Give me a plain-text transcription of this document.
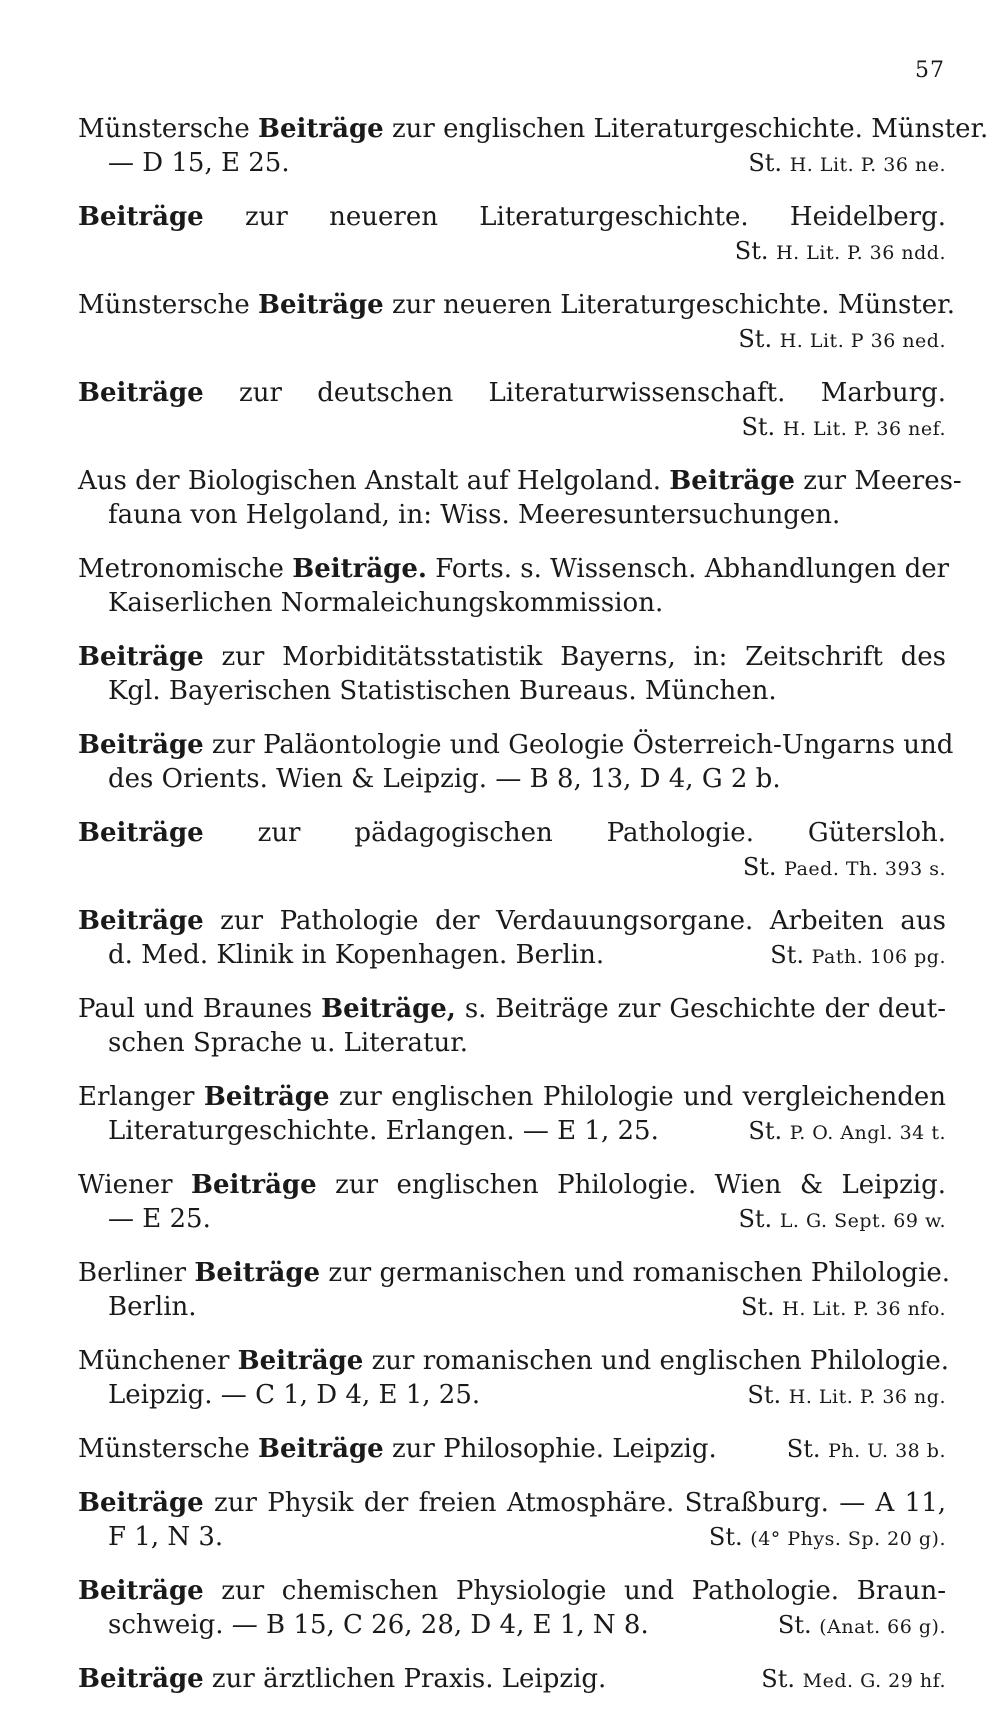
57
Münstersche Beiträge zur englischen Literaturgeschichte. Münster.
— D 15, E 25.	St. H. Lit. P. 36 ne.
Beiträge zur neueren Literaturgeschichte. Heidelberg.
St. H. Lit. P. 36 ndd.
Münstersche Beiträge zur neueren Literaturgeschichte. Münster.
St. H. Lit. P 36 ned.
Beiträge zur deutschen Literaturwissenschaft. Marburg.
St. H. Lit. P. 36 nef.
Aus der Biologischen Anstalt auf Helgoland. Beiträge zur Meeres-
fauna von Helgoland, in: Wiss. Meeresuntersuchungen.
Metronomische Beiträge. Forts. s. Wissensch. Abhandlungen der
Kaiserlichen Normaleichungskommission.
Beiträge zur Morbiditätsstatistik Bayerns, in: Zeitschrift des
Kgl. Bayerischen Statistischen Bureaus. München.
Beiträge zur Paläontologie und Geologie Österreich-Ungarns und
des Orients. Wien & Leipzig. — B 8, 13, D 4, G 2 b.
Beiträge zur pädagogischen Pathologie. Gütersloh.
St. Paed. Th. 393 s.
Beiträge zur Pathologie der Verdauungsorgane. Arbeiten aus
d. Med. Klinik in Kopenhagen. Berlin.	St. Path. 106 pg.
Paul und Braunes Beiträge, s. Beiträge zur Geschichte der deut-
schen Sprache u. Literatur.
Erlanger Beiträge zur englischen Philologie und vergleichenden
Literaturgeschichte. Erlangen. — E 1, 25.	St. P. O. Angl. 34 t.
Wiener Beiträge zur englischen Philologie. Wien & Leipzig.
— E 25.	St. L. G. Sept. 69 w.
Berliner Beiträge zur germanischen und romanischen Philologie.
Berlin.	St. H. Lit. P. 36 nfo.
Münchener Beiträge zur romanischen und englischen Philologie.
Leipzig. — C 1, D 4, E 1, 25.	St. H. Lit. P. 36 ng.
Münstersche Beiträge zur Philosophie. Leipzig.	St. Ph. U. 38 b.
Beiträge zur Physik der freien Atmosphäre. Straßburg. — A 11,
F 1, N 3.	St. (4° Phys. Sp. 20 g).
Beiträge zur chemischen Physiologie und Pathologie. Braun-
schweig. — B 15, C 26, 28, D 4, E 1, N 8.	St. (Anat. 66 g).
Beiträge zur ärztlichen Praxis. Leipzig.	St. Med. G. 29 hf.
